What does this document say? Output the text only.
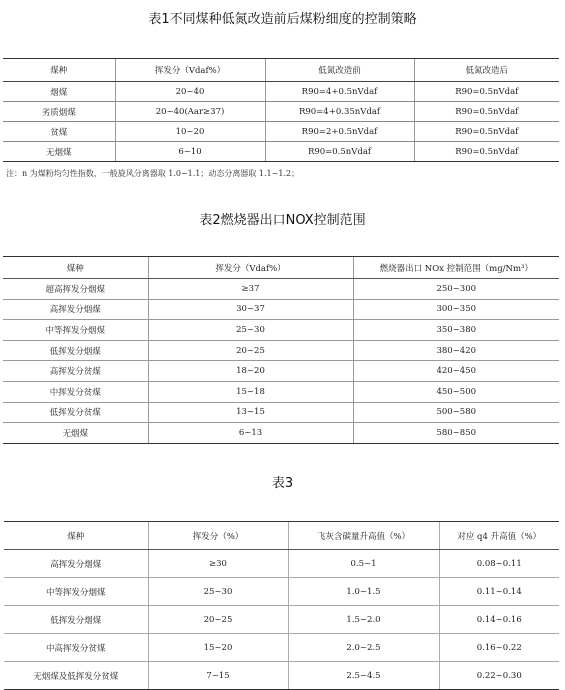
表1不同煤种低氮改造前后煤粉细度的控制策略
煤种	挥发分（Vdaf%）	低氮改造前	低氮改造后
烟煤	20~40	R90=4+0.5nVdaf	R90=0.5nVdaf
劣质烟煤	20~40(Aar≥37)	R90=4+0.35nVdaf	R90=0.5nVdaf
贫煤	10~20	R90=2+0.5nVdaf	R90=0.5nVdaf
无烟煤	6~10	R90=0.5nVdaf	R90=0.5nVdaf
注：n 为煤粉均匀性指数，一般旋风分离器取 1.0~1.1；动态分离器取 1.1~1.2；
表2燃烧器出口NOX控制范围
煤种	挥发分（Vdaf%）	燃烧器出口 NOx 控制范围（mg/Nm³）
超高挥发分烟煤	≥37	250~300
高挥发分烟煤	30~37	300~350
中等挥发分烟煤	25~30	350~380
低挥发分烟煤	20~25	380~420
高挥发分贫煤	18~20	420~450
中挥发分贫煤	15~18	450~500
低挥发分贫煤	13~15	500~580
无烟煤	6~13	580~850
表3
煤种	挥发分（%）	飞灰含碳量升高值（%）	对应 q4 升高值（%）
高挥发分烟煤	≥30	0.5~1	0.08~0.11
中等挥发分烟煤	25~30	1.0~1.5	0.11~0.14
低挥发分烟煤	20~25	1.5~2.0	0.14~0.16
中高挥发分贫煤	15~20	2.0~2.5	0.16~0.22
无烟煤及低挥发分贫煤	7~15	2.5~4.5	0.22~0.30
